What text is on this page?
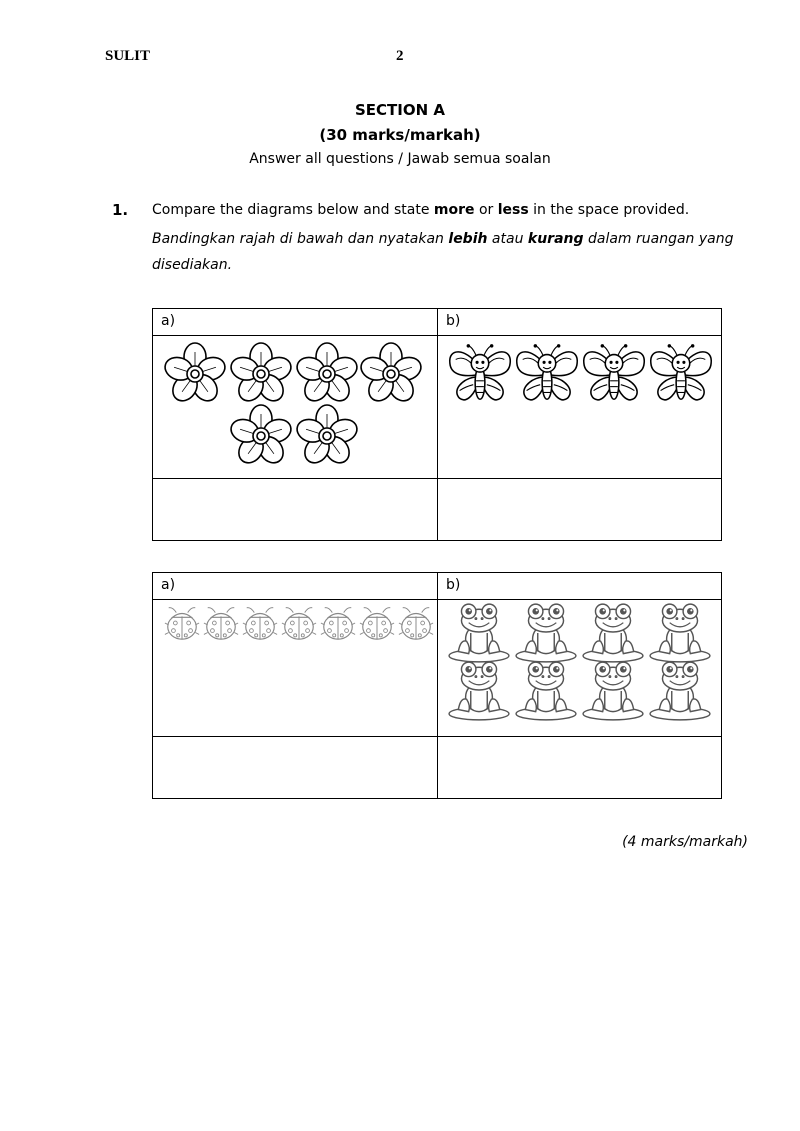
SULIT	2
SECTION A
(30 marks/markah)
Answer all questions / Jawab semua soalan
1. Compare the diagrams below and state more or less in the space provided.
Bandingkan rajah di bawah dan nyatakan lebih atau kurang dalam ruangan yang
disediakan.
a)	b)

a)	b)

(4 marks/markah)
